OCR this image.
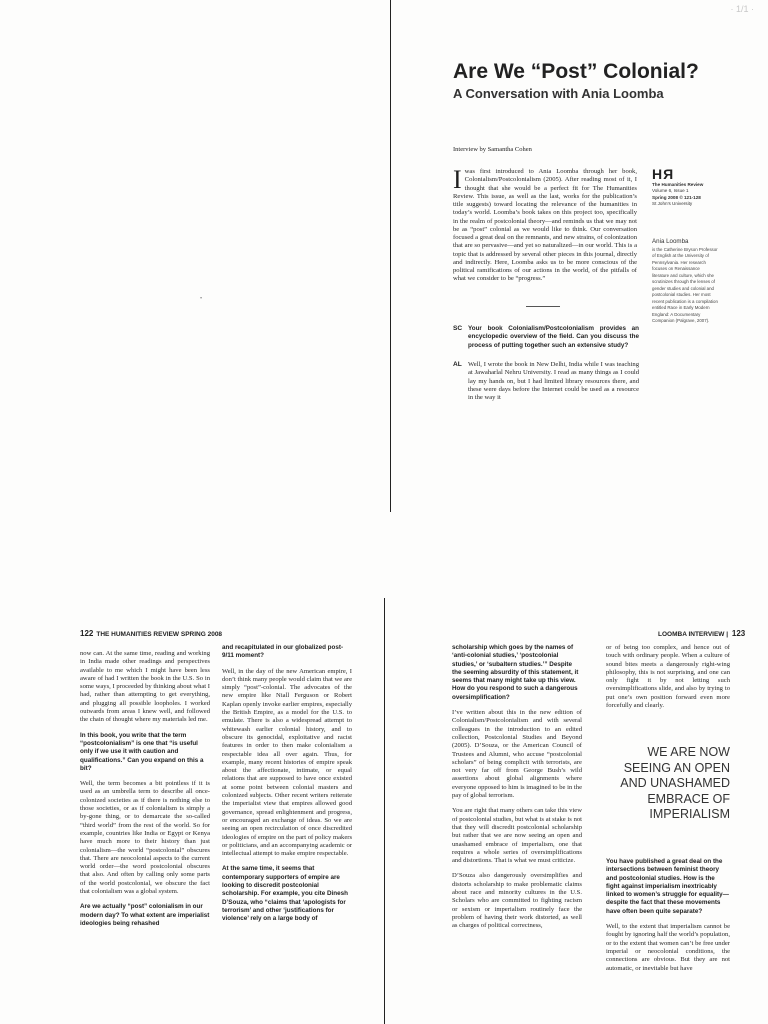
· 1/1 ·
•
Are We “Post” Colonial?
A Conversation with Ania Loomba
Interview by Samantha Cohen

Iwas first introduced to Ania Loomba through her book, Colonialism/Postcolonialism (2005). After reading most of it, I thought that she would be a perfect fit for The Humanities Review. This issue, as well as the last, works for the publication’s title suggests) toward locating the relevance of the humanities in today’s world. Loomba’s book takes on this project too, specifically in the realm of postcolonial theory—and reminds us that we may not be as “post” colonial as we would like to think. Our conversation focused a great deal on the remnants, and new strains, of colonization that are so pervasive—and yet so naturalized—in our world. This is a topic that is addressed by several other pieces in this journal, directly and indirectly. Here, Loomba asks us to be more conscious of the political ramifications of our actions in the world, of the pitfalls of what we consider to be “progress.”

SC Your book Colonialism/Postcolonialism provides an encyclopedic overview of the field. Can you discuss the process of putting together such an extensive study?

AL Well, I wrote the book in New Delhi, India while I was teaching at Jawaharlal Nehru University. I read as many things as I could lay my hands on, but I had limited library resources there, and these were days before the Internet could be used as a resource in the way it

HЯ

The Humanities Review

Volume 6, Issue 1

Spring 2008 © 121-128

St John's University

Ania Loomba

is the Catherine Bryson Professor of English at the University of Pennsylvania. Her research focuses on Renaissance literature and culture, which she scrutinizes through the lenses of gender studies and colonial and postcolonial studies. Her most recent publication is a compilation entitled Race in Early Modern England: A Documentary Companion (Palgrave, 2007).

122 THE HUMANITIES REVIEW SPRING 2008	LOOMBA INTERVIEW | 123

now can. At the same time, reading and working in India made other readings and perspectives available to me which I might have been less aware of had I written the book in the U.S. So in some ways, I proceeded by thinking about what I had, rather than attempting to get everything, and plugging all possible loopholes. I worked outwards from areas I knew well, and followed the chain of thought where my materials led me.

In this book, you write that the term “postcolonialism” is one that “is useful only if we use it with caution and qualifications.” Can you expand on this a bit?

Well, the term becomes a bit pointless if it is used as an umbrella term to describe all once-colonized societies as if there is nothing else to those societies, or as if colonialism is simply a by-gone thing, or to demarcate the so-called “third world” from the rest of the world. So for example, countries like India or Egypt or Kenya have much more to their history than just colonialism—the world “postcolonial” obscures that. There are neocolonial aspects to the current world order—the word postcolonial obscures that also. And often by calling only some parts of the world postcolonial, we obscure the fact that colonialism was a global system.

Are we actually “post” colonialism in our modern day? To what extent are imperialist ideologies being rehashed

and recapitulated in our globalized post-9/11 moment?

Well, in the day of the new American empire, I don’t think many people would claim that we are simply “post”-colonial. The advocates of the new empire like Niall Ferguson or Robert Kaplan openly invoke earlier empires, especially the British Empire, as a model for the U.S. to emulate. There is also a widespread attempt to whitewash earlier colonial history, and to obscure its genocidal, exploitative and racist features in order to then make colonialism a respectable idea all over again. Thus, for example, many recent histories of empire speak about the affectionate, intimate, or equal relations that are supposed to have once existed at some point between colonial masters and colonized subjects. Other recent writers reiterate the imperialist view that empires allowed good governance, spread enlightenment and progress, or encouraged an exchange of ideas. So we are seeing an open recirculation of once discredited ideologies of empire on the part of policy makers or politicians, and an accompanying academic or intellectual attempt to make empire respectable.

At the same time, it seems that contemporary supporters of empire are looking to discredit postcolonial scholarship. For example, you cite Dinesh D’Souza, who “claims that ‘apologists for terrorism’ and other ‘justifications for violence’ rely on a large body of

scholarship which goes by the names of ‘anti-colonial studies,’ ‘postcolonial studies,’ or ‘subaltern studies.’” Despite the seeming absurdity of this statement, it seems that many might take up this view. How do you respond to such a dangerous oversimplification?

I’ve written about this in the new edition of Colonialism/Postcolonialism and with several colleagues in the introduction to an edited collection, Postcolonial Studies and Beyond (2005). D’Souza, or the American Council of Trustees and Alumni, who accuse “postcolonial scholars” of being complicit with terrorists, are not very far off from George Bush’s wild assertions about global alignments where everyone opposed to him is imagined to be in the pay of global terrorism.

You are right that many others can take this view of postcolonial studies, but what is at stake is not that they will discredit postcolonial scholarship but rather that we are now seeing an open and unashamed embrace of imperialism, one that requires a whole series of oversimplifications and distortions. That is what we must criticize.

D’Souza also dangerously oversimplifies and distorts scholarship to make problematic claims about race and minority cultures in the U.S. Scholars who are committed to fighting racism or sexism or imperialism routinely face the problem of having their work distorted, as well as charges of political correctness,

or of being too complex, and hence out of touch with ordinary people. When a culture of sound bites meets a dangerously right-wing philosophy, this is not surprising, and one can only fight it by not letting such oversimplifications slide, and also by trying to put one’s own position forward even more forcefully and clearly.

WE ARE NOW SEEING AN OPEN AND UNASHAMED EMBRACE OF IMPERIALISM

You have published a great deal on the intersections between feminist theory and postcolonial studies. How is the fight against imperialism inextricably linked to women’s struggle for equality—despite the fact that these movements have often been quite separate?

Well, to the extent that imperialism cannot be fought by ignoring half the world’s population, or to the extent that women can’t be free under imperial or neocolonial conditions, the connections are obvious. But they are not automatic, or inevitable but have
